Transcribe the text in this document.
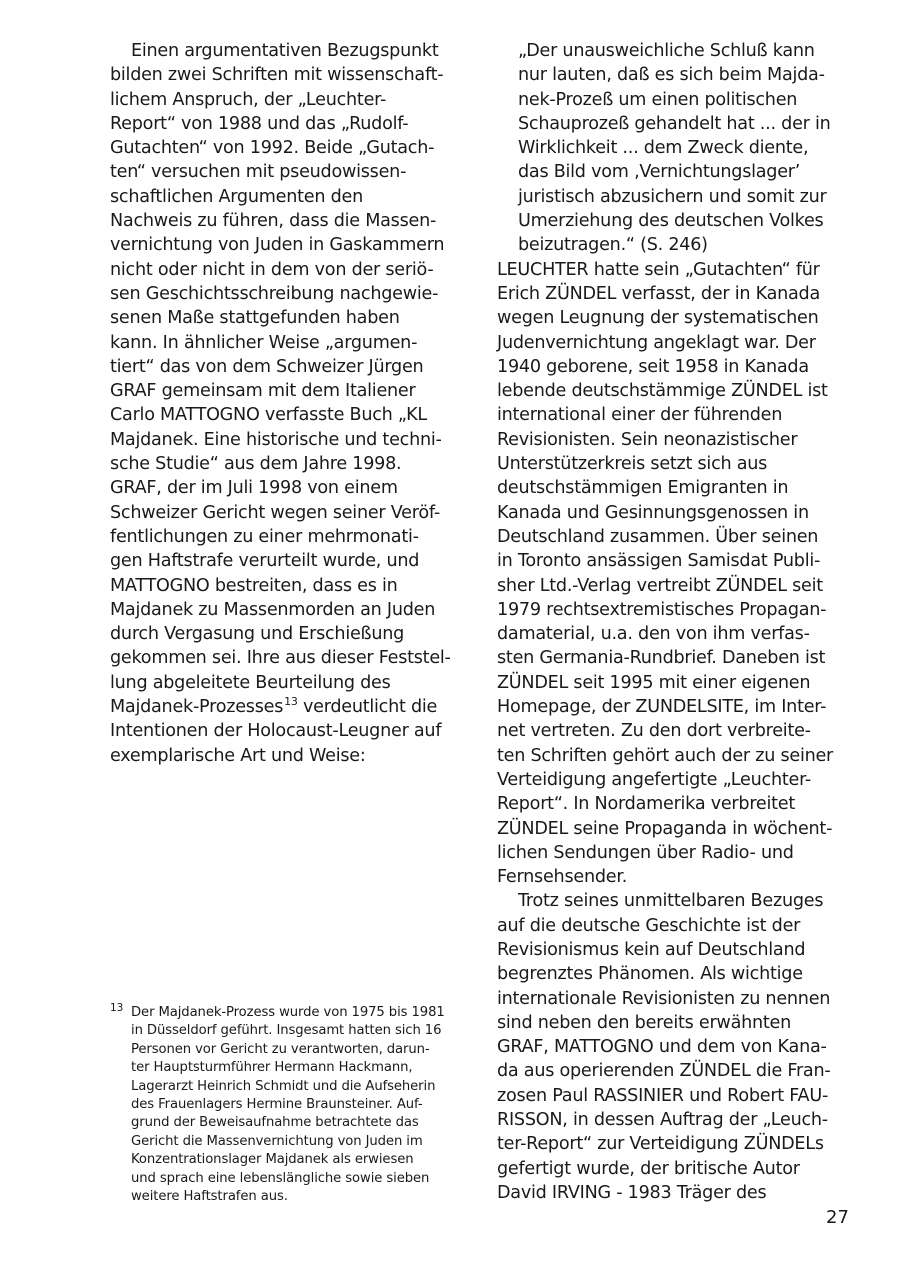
Einen argumentativen Bezugspunkt
bilden zwei Schriften mit wissenschaft-
lichem Anspruch, der „Leuchter-
Report“ von 1988 und das „Rudolf-
Gutachten“ von 1992. Beide „Gutach-
ten“ versuchen mit pseudowissen-
schaftlichen Argumenten den
Nachweis zu führen, dass die Massen-
vernichtung von Juden in Gaskammern
nicht oder nicht in dem von der seriö-
sen Geschichtsschreibung nachgewie-
senen Maße stattgefunden haben
kann. In ähnlicher Weise „argumen-
tiert“ das von dem Schweizer Jürgen
GRAF gemeinsam mit dem Italiener
Carlo MATTOGNO verfasste Buch „KL
Majdanek. Eine historische und techni-
sche Studie“ aus dem Jahre 1998.
GRAF, der im Juli 1998 von einem
Schweizer Gericht wegen seiner Veröf-
fentlichungen zu einer mehrmonati-
gen Haftstrafe verurteilt wurde, und
MATTOGNO bestreiten, dass es in
Majdanek zu Massenmorden an Juden
durch Vergasung und Erschießung
gekommen sei. Ihre aus dieser Feststel-
lung abgeleitete Beurteilung des
Majdanek-Prozesses$^{13}$ verdeutlicht die
Intentionen der Holocaust-Leugner auf
exemplarische Art und Weise:
„Der unausweichliche Schluß kann
nur lauten, daß es sich beim Majda-
nek-Prozeß um einen politischen
Schauprozeß gehandelt hat ... der in
Wirklichkeit ... dem Zweck diente,
das Bild vom ‚Vernichtungslager’
juristisch abzusichern und somit zur
Umerziehung des deutschen Volkes
beizutragen.“ (S. 246)
LEUCHTER hatte sein „Gutachten“ für
Erich ZÜNDEL verfasst, der in Kanada
wegen Leugnung der systematischen
Judenvernichtung angeklagt war. Der
1940 geborene, seit 1958 in Kanada
lebende deutschstämmige ZÜNDEL ist
international einer der führenden
Revisionisten. Sein neonazistischer
Unterstützerkreis setzt sich aus
deutschstämmigen Emigranten in
Kanada und Gesinnungsgenossen in
Deutschland zusammen. Über seinen
in Toronto ansässigen Samisdat Publi-
sher Ltd.-Verlag vertreibt ZÜNDEL seit
1979 rechtsextremistisches Propagan-
damaterial, u.a. den von ihm verfas-
sten Germania-Rundbrief. Daneben ist
ZÜNDEL seit 1995 mit einer eigenen
Homepage, der ZUNDELSITE, im Inter-
net vertreten. Zu den dort verbreite-
ten Schriften gehört auch der zu seiner
Verteidigung angefertigte „Leuchter-
Report“. In Nordamerika verbreitet
ZÜNDEL seine Propaganda in wöchent-
lichen Sendungen über Radio- und
Fernsehsender.
Trotz seines unmittelbaren Bezuges
auf die deutsche Geschichte ist der
Revisionismus kein auf Deutschland
begrenztes Phänomen. Als wichtige
internationale Revisionisten zu nennen
sind neben den bereits erwähnten
GRAF, MATTOGNO und dem von Kana-
da aus operierenden ZÜNDEL die Fran-
zosen Paul RASSINIER und Robert FAU-
RISSON, in dessen Auftrag der „Leuch-
ter-Report“ zur Verteidigung ZÜNDELs
gefertigt wurde, der britische Autor
David IRVING - 1983 Träger des
13 Der Majdanek-Prozess wurde von 1975 bis 1981
in Düsseldorf geführt. Insgesamt hatten sich 16
Personen vor Gericht zu verantworten, darun-
ter Hauptsturmführer Hermann Hackmann,
Lagerarzt Heinrich Schmidt und die Aufseherin
des Frauenlagers Hermine Braunsteiner. Auf-
grund der Beweisaufnahme betrachtete das
Gericht die Massenvernichtung von Juden im
Konzentrationslager Majdanek als erwiesen
und sprach eine lebenslängliche sowie sieben
weitere Haftstrafen aus.
27
